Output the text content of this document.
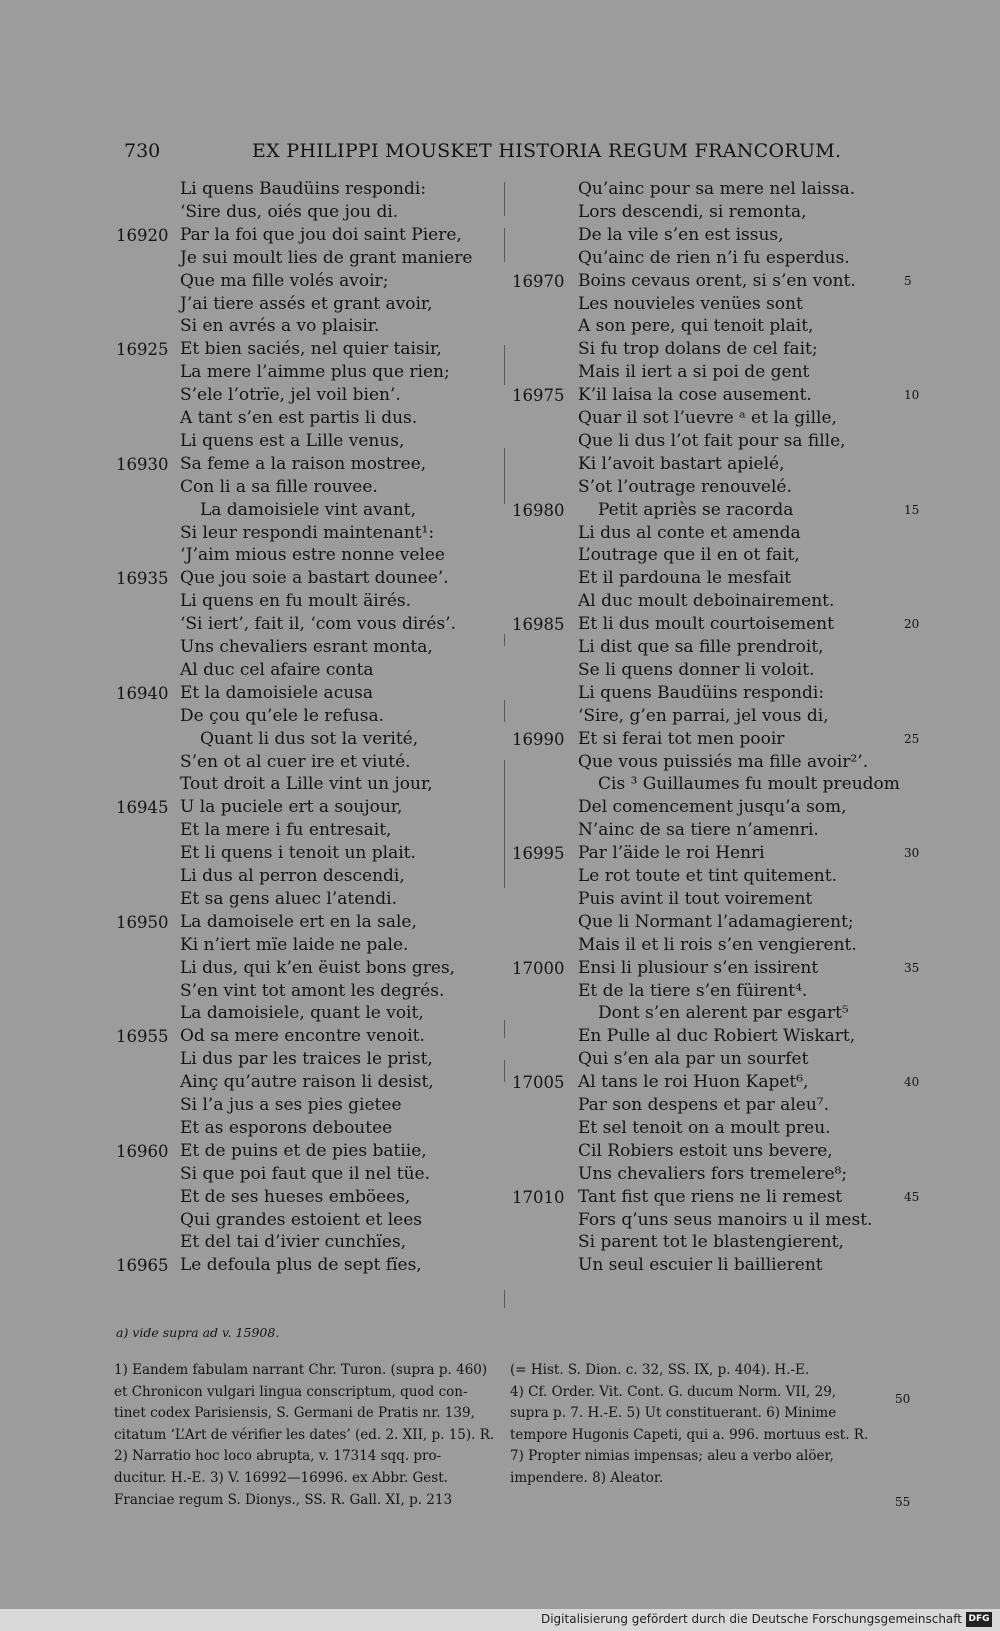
730	EX PHILIPPI MOUSKET HISTORIA REGUM FRANCORUM.
Li quens Baudüins respondi:
‘Sire dus, oiés que jou di.
16920 Par la foi que jou doi saint Piere,
Je sui moult lies de grant maniere
Que ma fille volés avoir;
J’ai tiere assés et grant avoir,
Si en avrés a vo plaisir.
16925 Et bien saciés, nel quier taisir,
La mere l’aimme plus que rien;
S’ele l’otrïe, jel voil bien’.
A tant s’en est partis li dus.
Li quens est a Lille venus,
16930 Sa feme a la raison mostree,
Con li a sa fille rouvee.
La damoisiele vint avant,
Si leur respondi maintenant¹:
‘J’aim mious estre nonne velee
16935 Que jou soie a bastart dounee’.
Li quens en fu moult äirés.
‘Si iert’, fait il, ‘com vous dirés’.
Uns chevaliers esrant monta,
Al duc cel afaire conta
16940 Et la damoisiele acusa
De çou qu’ele le refusa.
Quant li dus sot la verité,
S’en ot al cuer ire et viuté.
Tout droit a Lille vint un jour,
16945 U la puciele ert a soujour,
Et la mere i fu entresait,
Et li quens i tenoit un plait.
Li dus al perron descendi,
Et sa gens aluec l’atendi.
16950 La damoisele ert en la sale,
Ki n’iert mïe laide ne pale.
Li dus, qui k’en ëuist bons gres,
S’en vint tot amont les degrés.
La damoisiele, quant le voit,
16955 Od sa mere encontre venoit.
Li dus par les traices le prist,
Ainç qu’autre raison li desist,
Si l’a jus a ses pies gietee
Et as esporons deboutee
16960 Et de puins et de pies batiie,
Si que poi faut que il nel tüe.
Et de ses hueses emböees,
Qui grandes estoient et lees
Et del tai d’ivier cunchïes,
16965 Le defoula plus de sept fïes,
Qu’ainc pour sa mere nel laissa.
Lors descendi, si remonta,
De la vile s’en est issus,
Qu’ainc de rien n’i fu esperdus.
16970 Boins cevaus orent, si s’en vont.	5
Les nouvieles venües sont
A son pere, qui tenoit plait,
Si fu trop dolans de cel fait;
Mais il iert a si poi de gent
16975 K’il laisa la cose ausement.	10
Quar il sot l’uevre ᵃ et la gille,
Que li dus l’ot fait pour sa fille,
Ki l’avoit bastart apielé,
S’ot l’outrage renouvelé.
16980 Petit apriès se racorda	15
Li dus al conte et amenda
L’outrage que il en ot fait,
Et il pardouna le mesfait
Al duc moult deboinairement.
16985 Et li dus moult courtoisement	20
Li dist que sa fille prendroit,
Se li quens donner li voloit.
Li quens Baudüins respondi:
‘Sire, g’en parrai, jel vous di,
16990 Et si ferai tot men pooir	25
Que vous puissiés ma fille avoir²’.
Cis ³ Guillaumes fu moult preudom
Del comencement jusqu’a som,
N’ainc de sa tiere n’amenri.
16995 Par l’äide le roi Henri	30
Le rot toute et tint quitement.
Puis avint il tout voirement
Que li Normant l’adamagierent;
Mais il et li rois s’en vengierent.
17000 Ensi li plusiour s’en issirent	35
Et de la tiere s’en füirent⁴.
Dont s’en alerent par esgart⁵
En Pulle al duc Robiert Wiskart,
Qui s’en ala par un sourfet
17005 Al tans le roi Huon Kapet⁶,	40
Par son despens et par aleu⁷.
Et sel tenoit on a moult preu.
Cil Robiers estoit uns bevere,
Uns chevaliers fors tremelere⁸;
17010 Tant fist que riens ne li remest	45
Fors q’uns seus manoirs u il mest.
Si parent tot le blastengierent,
Un seul escuier li baillierent
a) vide supra ad v. 15908.
1) Eandem fabulam narrant Chr. Turon. (supra p. 460)
et Chronicon vulgari lingua conscriptum, quod con-
tinet codex Parisiensis, S. Germani de Pratis nr. 139,
citatum ‘L’Art de vérifier les dates’ (ed. 2. XII, p. 15). R.
2) Narratio hoc loco abrupta, v. 17314 sqq. pro-
ducitur. H.-E. 3) V. 16992—16996. ex Abbr. Gest.
Franciae regum S. Dionys., SS. R. Gall. XI, p. 213
(= Hist. S. Dion. c. 32, SS. IX, p. 404). H.-E.
4) Cf. Order. Vit. Cont. G. ducum Norm. VII, 29,
supra p. 7. H.-E. 5) Ut constituerant. 6) Minime
tempore Hugonis Capeti, qui a. 996. mortuus est. R.
7) Propter nimias impensas; aleu a verbo alöer,
impendere. 8) Aleator.
50
55
Digitalisierung gefördert durch die Deutsche Forschungsgemeinschaft DFG
